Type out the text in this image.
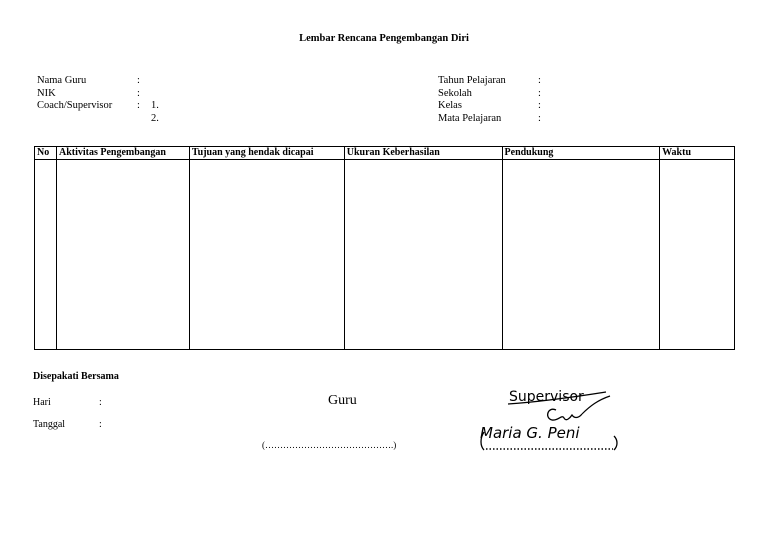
Lembar Rencana Pengembangan Diri
Nama Guru	:
NIK	:
Coach/Supervisor	:	1.
2.
Tahun Pelajaran	:
Sekolah	:
Kelas	:
Mata Pelajaran	:
No	Aktivitas Pengembangan	Tujuan yang hendak dicapai	Ukuran Keberhasilan	Pendukung	Waktu

Disepakati Bersama
Hari	:
Tanggal	:
Guru
(…………………………………….)
Supervisor
Maria G. Peni
